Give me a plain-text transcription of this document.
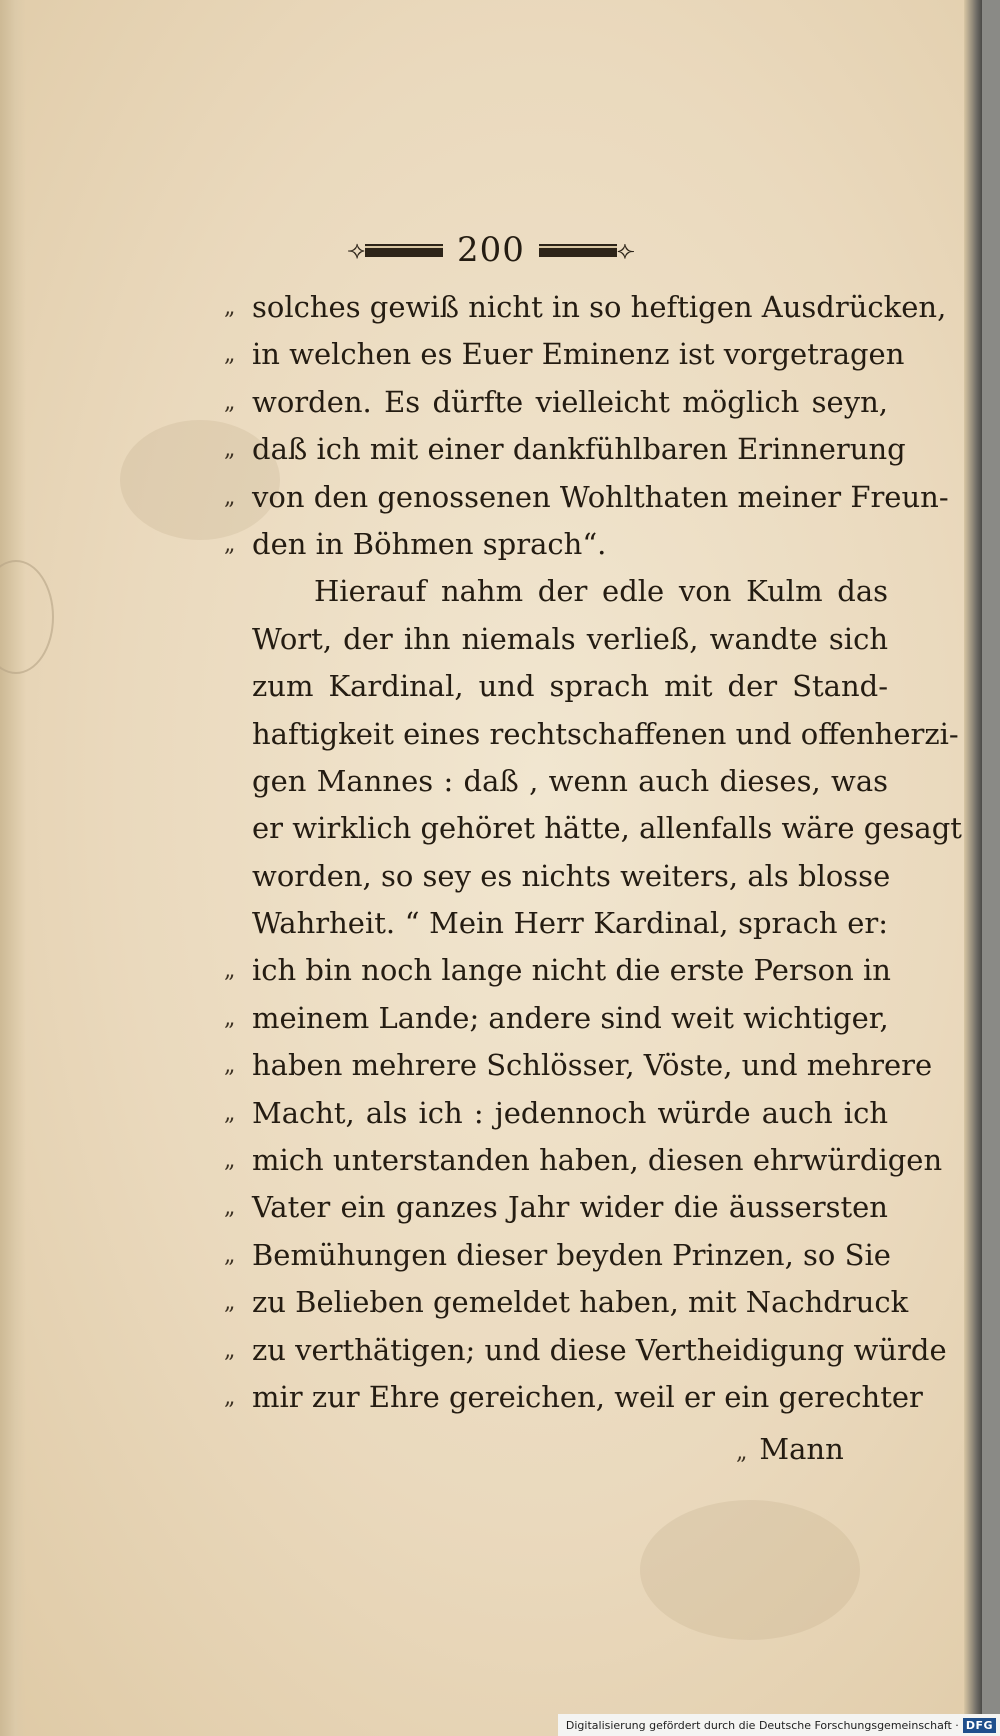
⟢	200	⟣
„ solches gewiß nicht in so heftigen Ausdrücken,
„ in welchen es Euer Eminenz ist vorgetragen
„ worden. Es dürfte vielleicht möglich seyn,
„ daß ich mit einer dankfühlbaren Erinnerung
„ von den genossenen Wohlthaten meiner Freun-
„ den in Böhmen sprach“.
Hierauf nahm der edle von Kulm das
Wort, der ihn niemals verließ, wandte sich
zum Kardinal, und sprach mit der Stand-
haftigkeit eines rechtschaffenen und offenherzi-
gen Mannes : daß , wenn auch dieses, was
er wirklich gehöret hätte, allenfalls wäre gesagt
worden, so sey es nichts weiters, als blosse
Wahrheit. “ Mein Herr Kardinal, sprach er:
„ ich bin noch lange nicht die erste Person in
„ meinem Lande; andere sind weit wichtiger,
„ haben mehrere Schlösser, Vöste, und mehrere
„ Macht, als ich : jedennoch würde auch ich
„ mich unterstanden haben, diesen ehrwürdigen
„ Vater ein ganzes Jahr wider die äussersten
„ Bemühungen dieser beyden Prinzen, so Sie
„ zu Belieben gemeldet haben, mit Nachdruck
„ zu verthätigen; und diese Vertheidigung würde
„ mir zur Ehre gereichen, weil er ein gerechter
„ Mann
Digitalisierung gefördert durch die Deutsche Forschungsgemeinschaft · DFG
